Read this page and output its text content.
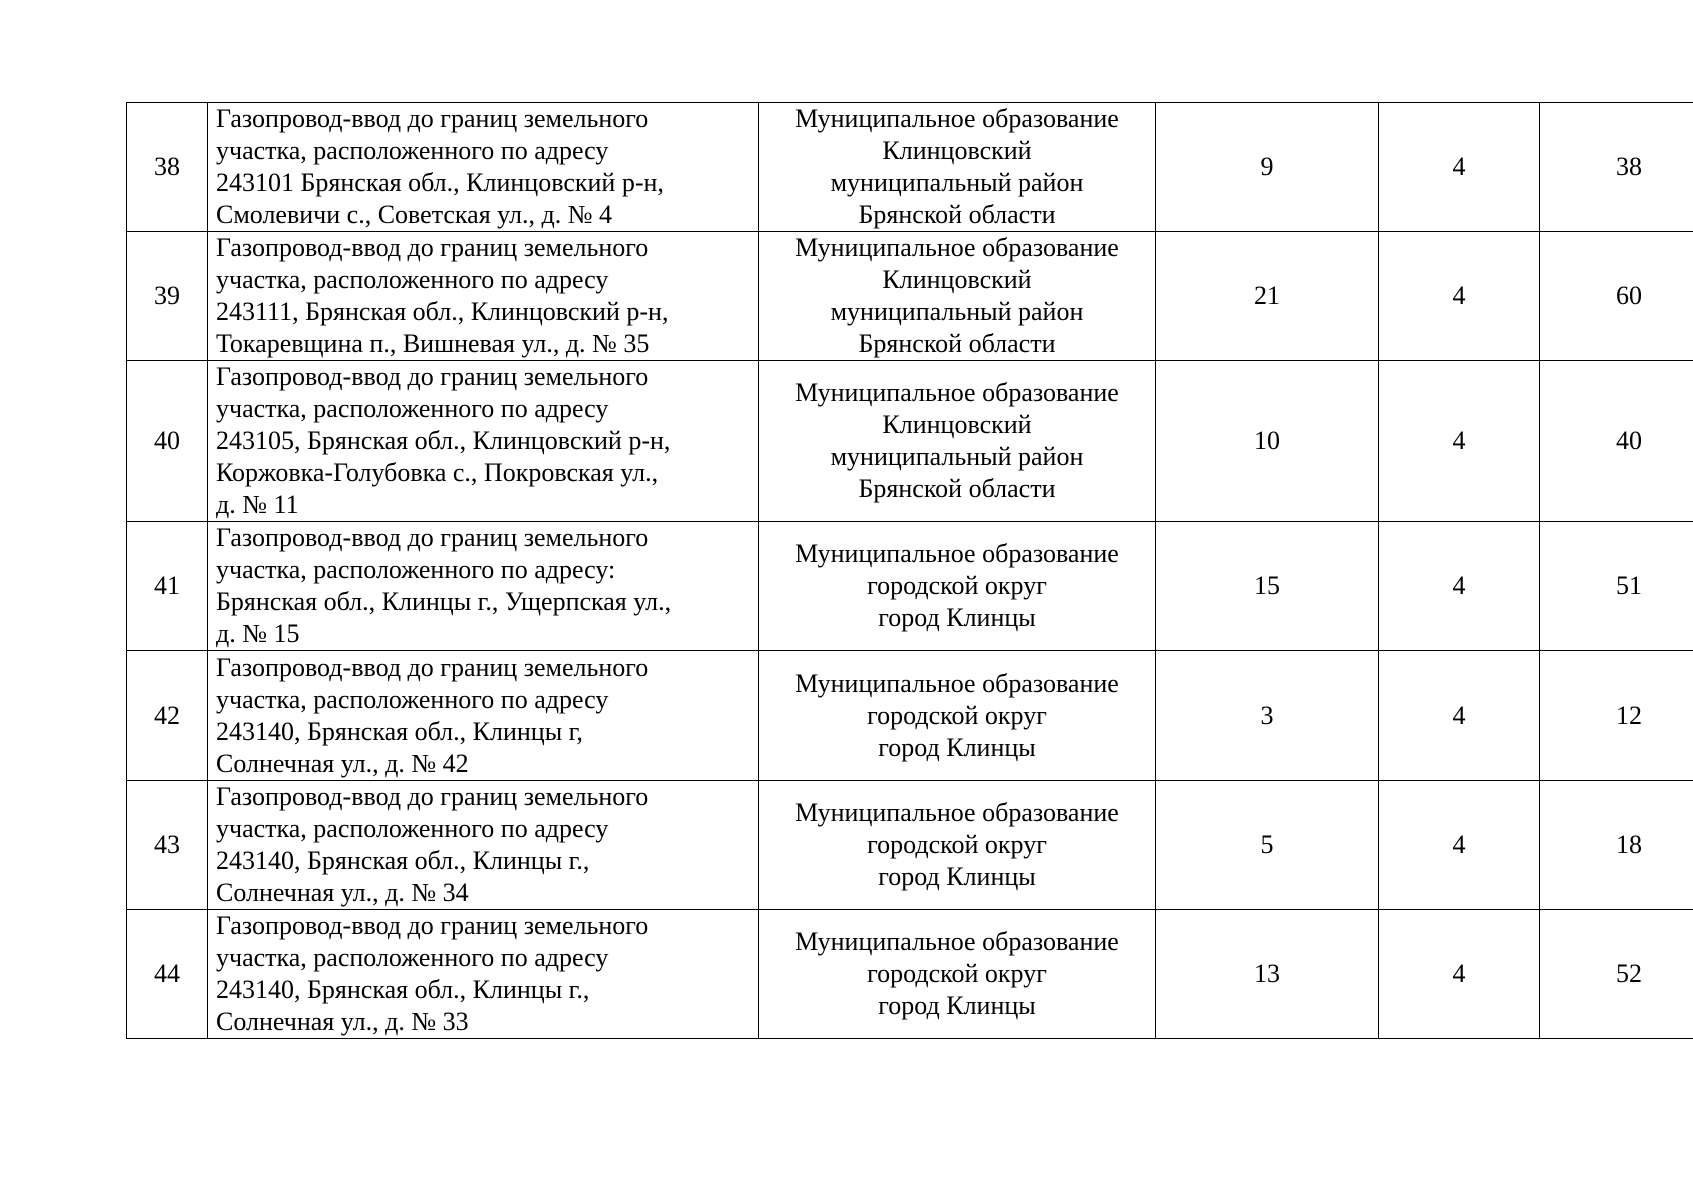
38	Газопровод-ввод до границ земельного
участка, расположенного по адресу
243101 Брянская обл., Клинцовский р-н,
Смолевичи с., Советская ул., д. № 4	Муниципальное образование
Клинцовский
муниципальный район
Брянской области	9	4	38
39	Газопровод-ввод до границ земельного
участка, расположенного по адресу
243111, Брянская обл., Клинцовский р-н,
Токаревщина п., Вишневая ул., д. № 35	Муниципальное образование
Клинцовский
муниципальный район
Брянской области	21	4	60
40	Газопровод-ввод до границ земельного
участка, расположенного по адресу
243105, Брянская обл., Клинцовский р-н,
Коржовка-Голубовка с., Покровская ул.,
д. № 11	Муниципальное образование
Клинцовский
муниципальный район
Брянской области	10	4	40
41	Газопровод-ввод до границ земельного
участка, расположенного по адресу:
Брянская обл., Клинцы г., Ущерпская ул.,
д. № 15	Муниципальное образование
городской округ
город Клинцы	15	4	51
42	Газопровод-ввод до границ земельного
участка, расположенного по адресу
243140, Брянская обл., Клинцы г,
Солнечная ул., д. № 42	Муниципальное образование
городской округ
город Клинцы	3	4	12
43	Газопровод-ввод до границ земельного
участка, расположенного по адресу
243140, Брянская обл., Клинцы г.,
Солнечная ул., д. № 34	Муниципальное образование
городской округ
город Клинцы	5	4	18
44	Газопровод-ввод до границ земельного
участка, расположенного по адресу
243140, Брянская обл., Клинцы г.,
Солнечная ул., д. № 33	Муниципальное образование
городской округ
город Клинцы	13	4	52
